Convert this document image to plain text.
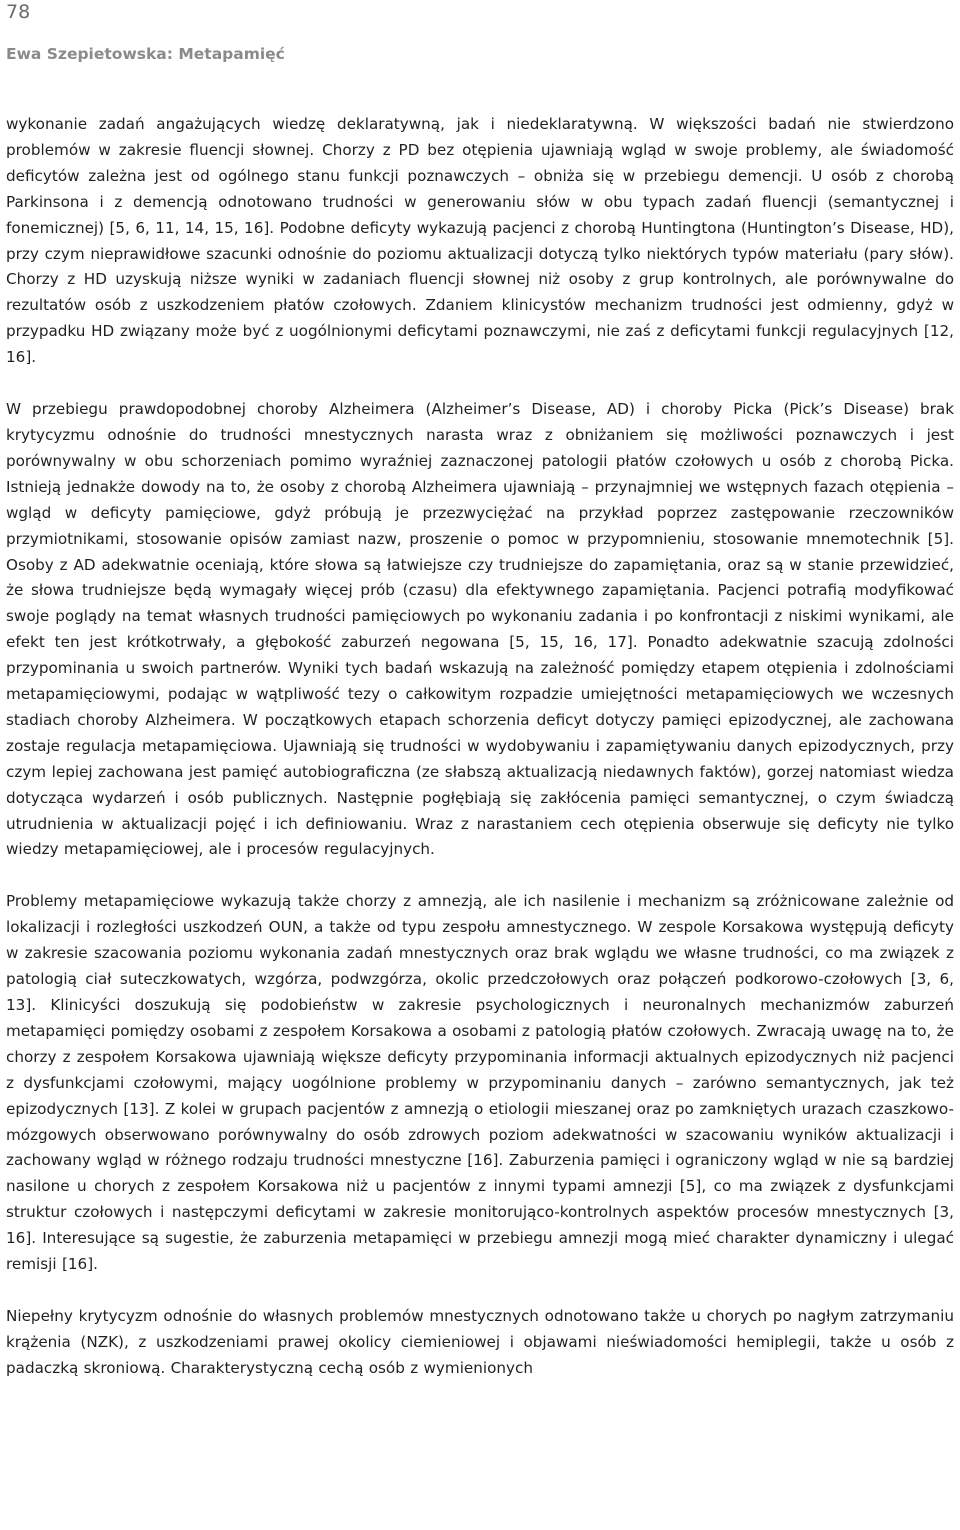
78
Ewa Szepietowska: Metapamięć

wykonanie zadań angażujących wiedzę deklaratywną, jak i niedeklaratywną. W większości badań nie stwierdzono problemów w zakresie fluencji słownej. Chorzy z PD bez otępienia ujawniają wgląd w swoje problemy, ale świadomość deficytów zależna jest od ogólnego stanu funkcji poznawczych – obniża się w przebiegu demencji. U osób z chorobą Parkinsona i z demencją odnotowano trudności w generowaniu słów w obu typach zadań fluencji (semantycznej i fonemicznej) [5, 6, 11, 14, 15, 16]. Podobne deficyty wykazują pacjenci z chorobą Huntingtona (Huntington’s Disease, HD), przy czym nieprawidłowe szacunki odnośnie do poziomu aktualizacji dotyczą tylko niektórych typów materiału (pary słów). Chorzy z HD uzyskują niższe wyniki w zadaniach fluencji słownej niż osoby z grup kontrolnych, ale porównywalne do rezultatów osób z uszkodzeniem płatów czołowych. Zdaniem klinicystów mechanizm trudności jest odmienny, gdyż w przypadku HD związany może być z uogólnionymi deficytami poznawczymi, nie zaś z deficytami funkcji regulacyjnych [12, 16].

W przebiegu prawdopodobnej choroby Alzheimera (Alzheimer’s Disease, AD) i choroby Picka (Pick’s Disease) brak krytycyzmu odnośnie do trudności mnestycznych narasta wraz z obniżaniem się możliwości poznawczych i jest porównywalny w obu schorzeniach pomimo wyraźniej zaznaczonej patologii płatów czołowych u osób z chorobą Picka. Istnieją jednakże dowody na to, że osoby z chorobą Alzheimera ujawniają – przynajmniej we wstępnych fazach otępienia – wgląd w deficyty pamięciowe, gdyż próbują je przezwyciężać na przykład poprzez zastępowanie rzeczowników przymiotnikami, stosowanie opisów zamiast nazw, proszenie o pomoc w przypomnieniu, stosowanie mnemotechnik [5]. Osoby z AD adekwatnie oceniają, które słowa są łatwiejsze czy trudniejsze do zapamiętania, oraz są w stanie przewidzieć, że słowa trudniejsze będą wymagały więcej prób (czasu) dla efektywnego zapamiętania. Pacjenci potrafią modyfikować swoje poglądy na temat własnych trudności pamięciowych po wykonaniu zadania i po konfrontacji z niskimi wynikami, ale efekt ten jest krótkotrwały, a głębokość zaburzeń negowana [5, 15, 16, 17]. Ponadto adekwatnie szacują zdolności przypominania u swoich partnerów. Wyniki tych badań wskazują na zależność pomiędzy etapem otępienia i zdolnościami metapamięciowymi, podając w wątpliwość tezy o całkowitym rozpadzie umiejętności metapamięciowych we wczesnych stadiach choroby Alzheimera. W początkowych etapach schorzenia deficyt dotyczy pamięci epizodycznej, ale zachowana zostaje regulacja metapamięciowa. Ujawniają się trudności w wydobywaniu i zapamiętywaniu danych epizodycznych, przy czym lepiej zachowana jest pamięć autobiograficzna (ze słabszą aktualizacją niedawnych faktów), gorzej natomiast wiedza dotycząca wydarzeń i osób publicznych. Następnie pogłębiają się zakłócenia pamięci semantycznej, o czym świadczą utrudnienia w aktualizacji pojęć i ich definiowaniu. Wraz z narastaniem cech otępienia obserwuje się deficyty nie tylko wiedzy metapamięciowej, ale i procesów regulacyjnych.

Problemy metapamięciowe wykazują także chorzy z amnezją, ale ich nasilenie i mechanizm są zróżnicowane zależnie od lokalizacji i rozległości uszkodzeń OUN, a także od typu zespołu amnestycznego. W zespole Korsakowa występują deficyty w zakresie szacowania poziomu wykonania zadań mnestycznych oraz brak wglądu we własne trudności, co ma związek z patologią ciał suteczkowatych, wzgórza, podwzgórza, okolic przedczołowych oraz połączeń podkorowo-czołowych [3, 6, 13]. Klinicyści doszukują się podobieństw w zakresie psychologicznych i neuronalnych mechanizmów zaburzeń metapamięci pomiędzy osobami z zespołem Korsakowa a osobami z patologią płatów czołowych. Zwracają uwagę na to, że chorzy z zespołem Korsakowa ujawniają większe deficyty przypominania informacji aktualnych epizodycznych niż pacjenci z dysfunkcjami czołowymi, mający uogólnione problemy w przypominaniu danych – zarówno semantycznych, jak też epizodycznych [13]. Z kolei w grupach pacjentów z amnezją o etiologii mieszanej oraz po zamkniętych urazach czaszkowo-mózgowych obserwowano porównywalny do osób zdrowych poziom adekwatności w szacowaniu wyników aktualizacji i zachowany wgląd w różnego rodzaju trudności mnestyczne [16]. Zaburzenia pamięci i ograniczony wgląd w nie są bardziej nasilone u chorych z zespołem Korsakowa niż u pacjentów z innymi typami amnezji [5], co ma związek z dysfunkcjami struktur czołowych i następczymi deficytami w zakresie monitorująco-kontrolnych aspektów procesów mnestycznych [3, 16]. Interesujące są sugestie, że zaburzenia metapamięci w przebiegu amnezji mogą mieć charakter dynamiczny i ulegać remisji [16].

Niepełny krytycyzm odnośnie do własnych problemów mnestycznych odnotowano także u chorych po nagłym zatrzymaniu krążenia (NZK), z uszkodzeniami prawej okolicy ciemieniowej i objawami nieświadomości hemiplegii, także u osób z padaczką skroniową. Charakterystyczną cechą osób z wymienionych
